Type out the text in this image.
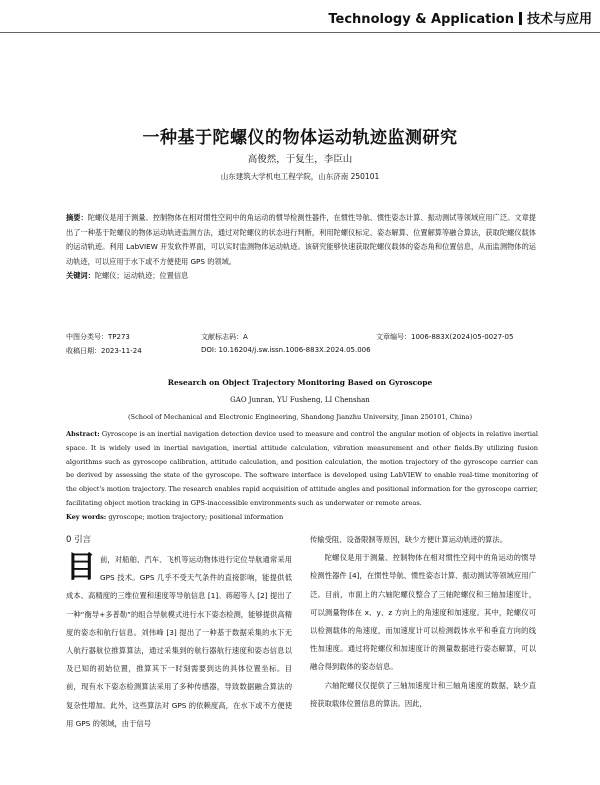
Technology & Application 技术与应用
一种基于陀螺仪的物体运动轨迹监测研究
高俊然，于复生，李臣山
山东建筑大学机电工程学院，山东济南 250101
摘要：陀螺仪是用于测量、控制物体在相对惯性空间中的角运动的惯导检测性器件，在惯性导航、惯性姿态计算、振动测试等领域应用广泛。文章提出了一种基于陀螺仪的物体运动轨迹监测方法，通过对陀螺仪的状态进行判断，利用陀螺仪标定、姿态解算、位置解算等融合算法，获取陀螺仪载体的运动轨迹。利用 LabVIEW 开发软件界面，可以实时监测物体运动轨迹。该研究能够快速获取陀螺仪载体的姿态角和位置信息，从而监测物体的运动轨迹，可以应用于水下或不方便使用 GPS 的领域。
关键词：陀螺仪；运动轨迹；位置信息
中图分类号：TP273	文献标志码：A	文章编号：1006-883X(2024)05-0027-05
收稿日期：2023-11-24	DOI: 10.16204/j.sw.issn.1006-883X.2024.05.006
Research on Object Trajectory Monitoring Based on Gyroscope
GAO Junran, YU Fusheng, LI Chenshan
(School of Mechanical and Electronic Engineering, Shandong Jianzhu University, Jinan 250101, China)
Abstract: Gyroscope is an inertial navigation detection device used to measure and control the angular motion of objects in relative inertial space. It is widely used in inertial navigation, inertial attitude calculation, vibration measurement and other fields.By utilizing fusion algorithms such as gyroscope calibration, attitude calculation, and position calculation, the motion trajectory of the gyroscope carrier can be derived by assessing the state of the gyroscope. The software interface is developed using LabVIEW to enable real-time monitoring of the object's motion trajectory. The research enables rapid acquisition of attitude angles and positional information for the gyroscope carrier, facilitating object motion tracking in GPS-inaccessible environments such as underwater or remote areas.
Key words: gyroscope; motion trajectory; positional information

0 引言

目前，对船舶、汽车、飞机等运动物体进行定位导航通常采用 GPS 技术。GPS 几乎不受天气条件的直接影响，能提供低成本、高精度的三维位置和速度等导航信息 [1]。蒋超等人 [2] 提出了一种“衡导+多普勒”的组合导航模式进行水下姿态检测，能够提供高精度的姿态和航行信息。刘伟峰 [3] 提出了一种基于数据采集的水下无人航行器航位推算算法，通过采集到的航行器航行速度和姿态信息以及已知的初始位置，推算其下一时刻需要到达的具体位置坐标。目前，现有水下姿态检测算法采用了多种传感器，导致数据融合算法的复杂性增加。此外，这些算法对 GPS 的依赖度高，在水下或不方便使用 GPS 的领域，由于信号

传输受阻、设备限制等原因，缺少方便计算运动轨迹的算法。

陀螺仪是用于测量、控制物体在相对惯性空间中的角运动的惯导检测性器件 [4]，在惯性导航、惯性姿态计算、振动测试等领域应用广泛。目前，市面上的六轴陀螺仪整合了三轴陀螺仪和三轴加速度计，可以测量物体在 x、y、z 方向上的角速度和加速度。其中，陀螺仪可以检测载体的角速度，而加速度计可以检测载体水平和垂直方向的线性加速度。通过将陀螺仪和加速度计的测量数据进行姿态解算，可以融合得到载体的姿态信息。

六轴陀螺仪仅提供了三轴加速度计和三轴角速度的数据，缺少直接获取载体位置信息的算法。因此，
